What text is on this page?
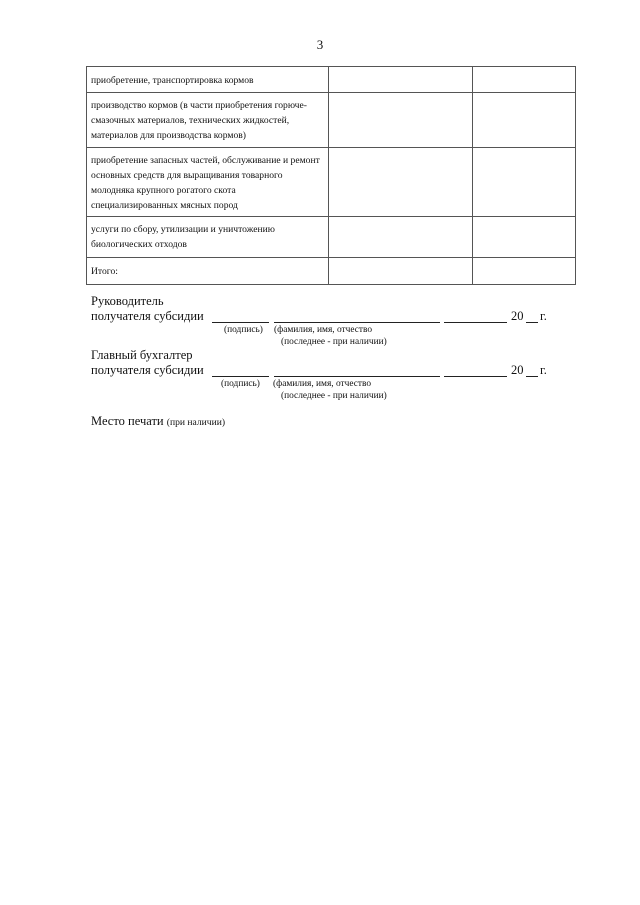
3
приобретение, транспортировка кормов		
производство кормов (в части приобретения горюче-смазочных материалов, технических жидкостей, материалов для производства кормов)		
приобретение запасных частей, обслуживание и ремонт основных средств для выращивания товарного молодняка крупного рогатого скота специализированных мясных пород		
услуги по сбору, утилизации и уничтожению биологических отходов		
Итого:		
Руководитель
получателя субсидии	20 г.
(подпись) (фамилия, имя, отчество
(последнее - при наличии)
Главный бухгалтер
получателя субсидии	20 г.
(подпись) (фамилия, имя, отчество
(последнее - при наличии)
Место печати (при наличии)
